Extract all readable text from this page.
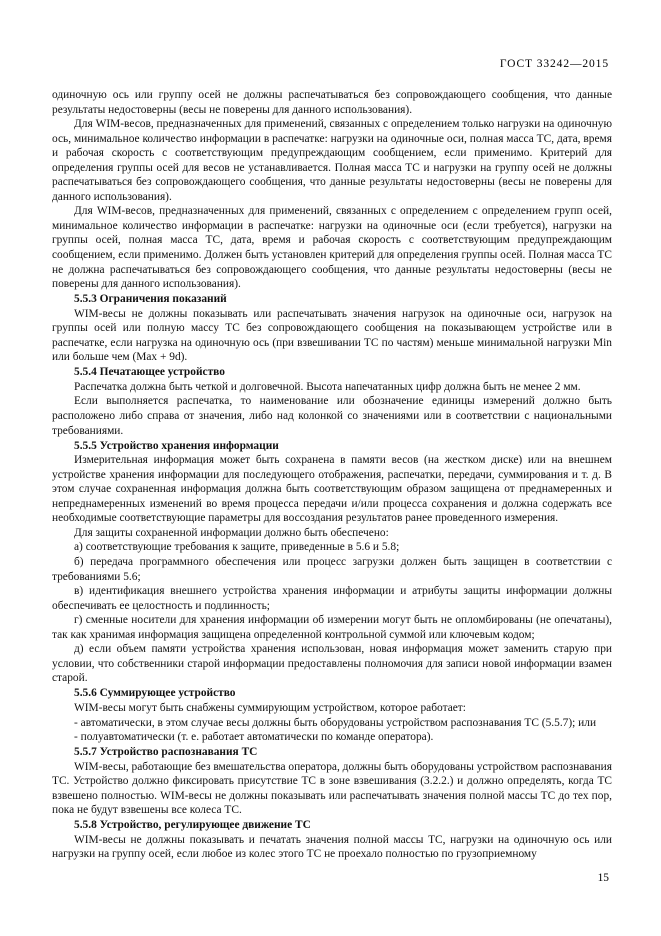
ГОСТ 33242—2015

одиночную ось или группу осей не должны распечатываться без сопровождающего сообщения, что данные результаты недостоверны (весы не поверены для данного использования).

Для WIM-весов, предназначенных для применений, связанных с определением только нагрузки на одиночную ось, минимальное количество информации в распечатке: нагрузки на одиночные оси, полная масса ТС, дата, время и рабочая скорость с соответствующим предупреждающим сообщением, если применимо. Критерий для определения группы осей для весов не устанавливается. Полная масса ТС и нагрузки на группу осей не должны распечатываться без сопровождающего сообщения, что данные результаты недостоверны (весы не поверены для данного использования).

Для WIM-весов, предназначенных для применений, связанных с определением с определением групп осей, минимальное количество информации в распечатке: нагрузки на одиночные оси (если требуется), нагрузки на группы осей, полная масса ТС, дата, время и рабочая скорость с соответствующим предупреждающим сообщением, если применимо. Должен быть установлен критерий для определения группы осей. Полная масса ТС не должна распечатываться без сопровождающего сообщения, что данные результаты недостоверны (весы не поверены для данного использования).

5.5.3 Ограничения показаний

WIM-весы не должны показывать или распечатывать значения нагрузок на одиночные оси, нагрузок на группы осей или полную массу ТС без сопровождающего сообщения на показывающем устройстве или в распечатке, если нагрузка на одиночную ось (при взвешивании ТС по частям) меньше минимальной нагрузки Min или больше чем (Max + 9d).

5.5.4 Печатающее устройство

Распечатка должна быть четкой и долговечной. Высота напечатанных цифр должна быть не менее 2 мм.

Если выполняется распечатка, то наименование или обозначение единицы измерений должно быть расположено либо справа от значения, либо над колонкой со значениями или в соответствии с национальными требованиями.

5.5.5 Устройство хранения информации

Измерительная информация может быть сохранена в памяти весов (на жестком диске) или на внешнем устройстве хранения информации для последующего отображения, распечатки, передачи, суммирования и т. д. В этом случае сохраненная информация должна быть соответствующим образом защищена от преднамеренных и непреднамеренных изменений во время процесса передачи и/или процесса сохранения и должна содержать все необходимые соответствующие параметры для воссоздания результатов ранее проведенного измерения.

Для защиты сохраненной информации должно быть обеспечено:

а) соответствующие требования к защите, приведенные в 5.6 и 5.8;

б) передача программного обеспечения или процесс загрузки должен быть защищен в соответствии с требованиями 5.6;

в) идентификация внешнего устройства хранения информации и атрибуты защиты информации должны обеспечивать ее целостность и подлинность;

г) сменные носители для хранения информации об измерении могут быть не опломбированы (не опечатаны), так как хранимая информация защищена определенной контрольной суммой или ключевым кодом;

д) если объем памяти устройства хранения использован, новая информация может заменить старую при условии, что собственники старой информации предоставлены полномочия для записи новой информации взамен старой.

5.5.6 Суммирующее устройство

WIM-весы могут быть снабжены суммирующим устройством, которое работает:

- автоматически, в этом случае весы должны быть оборудованы устройством распознавания ТС (5.5.7); или

- полуавтоматически (т. е. работает автоматически по команде оператора).

5.5.7 Устройство распознавания ТС

WIM-весы, работающие без вмешательства оператора, должны быть оборудованы устройством распознавания ТС. Устройство должно фиксировать присутствие ТС в зоне взвешивания (3.2.2.) и должно определять, когда ТС взвешено полностью. WIM-весы не должны показывать или распечатывать значения полной массы ТС до тех пор, пока не будут взвешены все колеса ТС.

5.5.8 Устройство, регулирующее движение ТС

WIM-весы не должны показывать и печатать значения полной массы ТС, нагрузки на одиночную ось или нагрузки на группу осей, если любое из колес этого ТС не проехало полностью по грузоприемному

15
